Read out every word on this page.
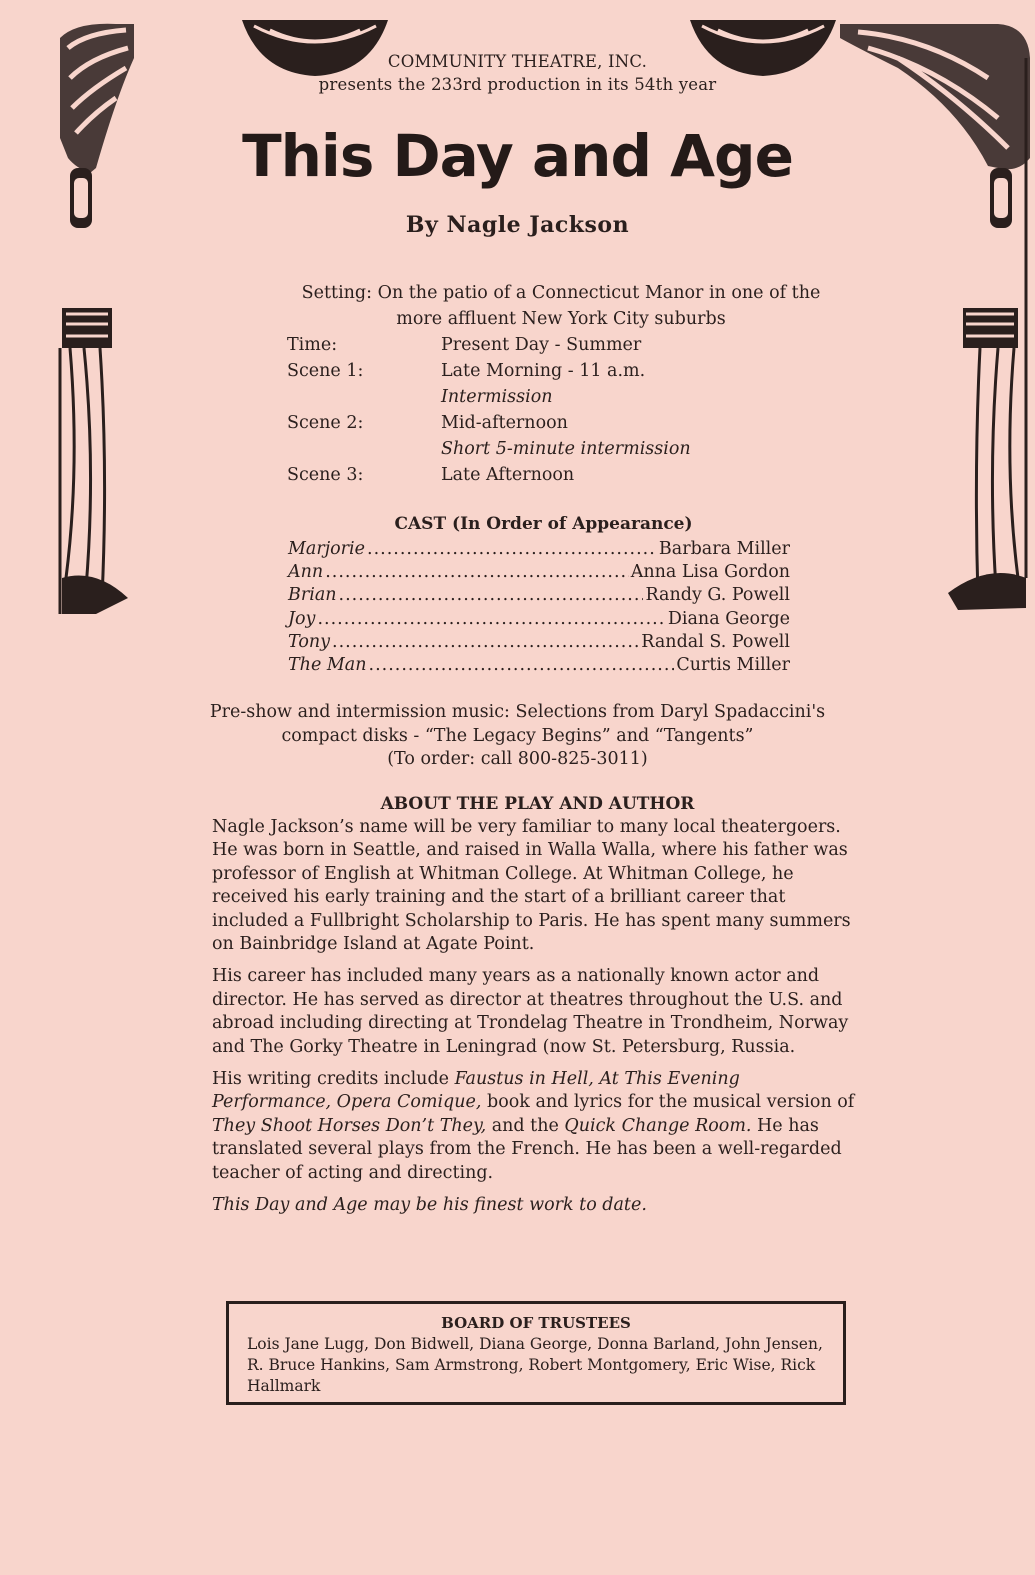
COMMUNITY THEATRE, INC.
presents the 233rd production in its 54th year
This Day and Age
By Nagle Jackson
Setting: On the patio of a Connecticut Manor in one of the
more affluent New York City suburbs
Time:	Present Day - Summer
Scene 1:	Late Morning - 11 a.m.
Intermission
Scene 2:	Mid-afternoon
Short 5-minute intermission
Scene 3:	Late Afternoon
CAST (In Order of Appearance)
Marjorie .....	Barbara Miller
Ann .....	Anna Lisa Gordon
Brian .....	Randy G. Powell
Joy .....	Diana George
Tony .....	Randal S. Powell
The Man .....	Curtis Miller
Pre-show and intermission music: Selections from Daryl Spadaccini's
compact disks - “The Legacy Begins” and “Tangents”
(To order: call 800-825-3011)
ABOUT THE PLAY AND AUTHOR

Nagle Jackson’s name will be very familiar to many local theatergoers. He was born in Seattle, and raised in Walla Walla, where his father was professor of English at Whitman College. At Whitman College, he received his early training and the start of a brilliant career that included a Fullbright Scholarship to Paris. He has spent many summers on Bainbridge Island at Agate Point.

His career has included many years as a nationally known actor and director. He has served as director at theatres throughout the U.S. and abroad including directing at Trondelag Theatre in Trondheim, Norway and The Gorky Theatre in Leningrad (now St. Petersburg, Russia.

His writing credits include Faustus in Hell, At This Evening Performance, Opera Comique, book and lyrics for the musical version of They Shoot Horses Don’t They, and the Quick Change Room. He has translated several plays from the French. He has been a well-regarded teacher of acting and directing.

This Day and Age may be his finest work to date.

BOARD OF TRUSTEES
Lois Jane Lugg, Don Bidwell, Diana George, Donna Barland, John Jensen, R. Bruce Hankins, Sam Armstrong, Robert Montgomery, Eric Wise, Rick Hallmark
